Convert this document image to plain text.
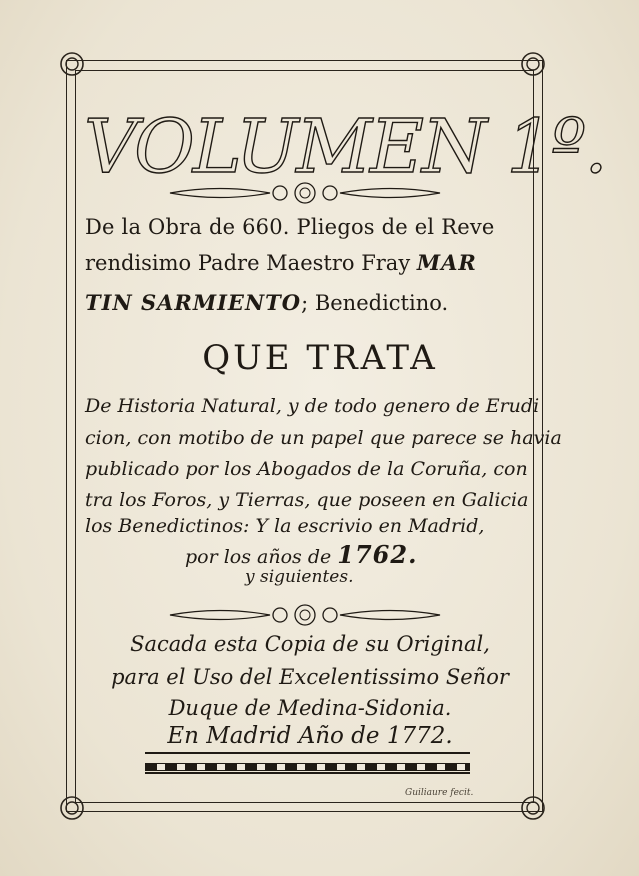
VOLUMEN 1º.
De la Obra de 660. Pliegos de el Reve
rendisimo Padre Maestro Fray MAR
TIN SARMIENTO; Benedictino.
QUE TRATA
De Historia Natural, y de todo genero de Erudi
cion, con motibo de un papel que parece se havia
publicado por los Abogados de la Coruña, con
tra los Foros, y Tierras, que poseen en Galicia
los Benedictinos: Y la escrivio en Madrid,
por los años de 1762.
y siguientes.
Sacada esta Copia de su Original,
para el Uso del Excelentissimo Señor
Duque de Medina-Sidonia.
En Madrid Año de 1772.
Guiliaure fecit.
